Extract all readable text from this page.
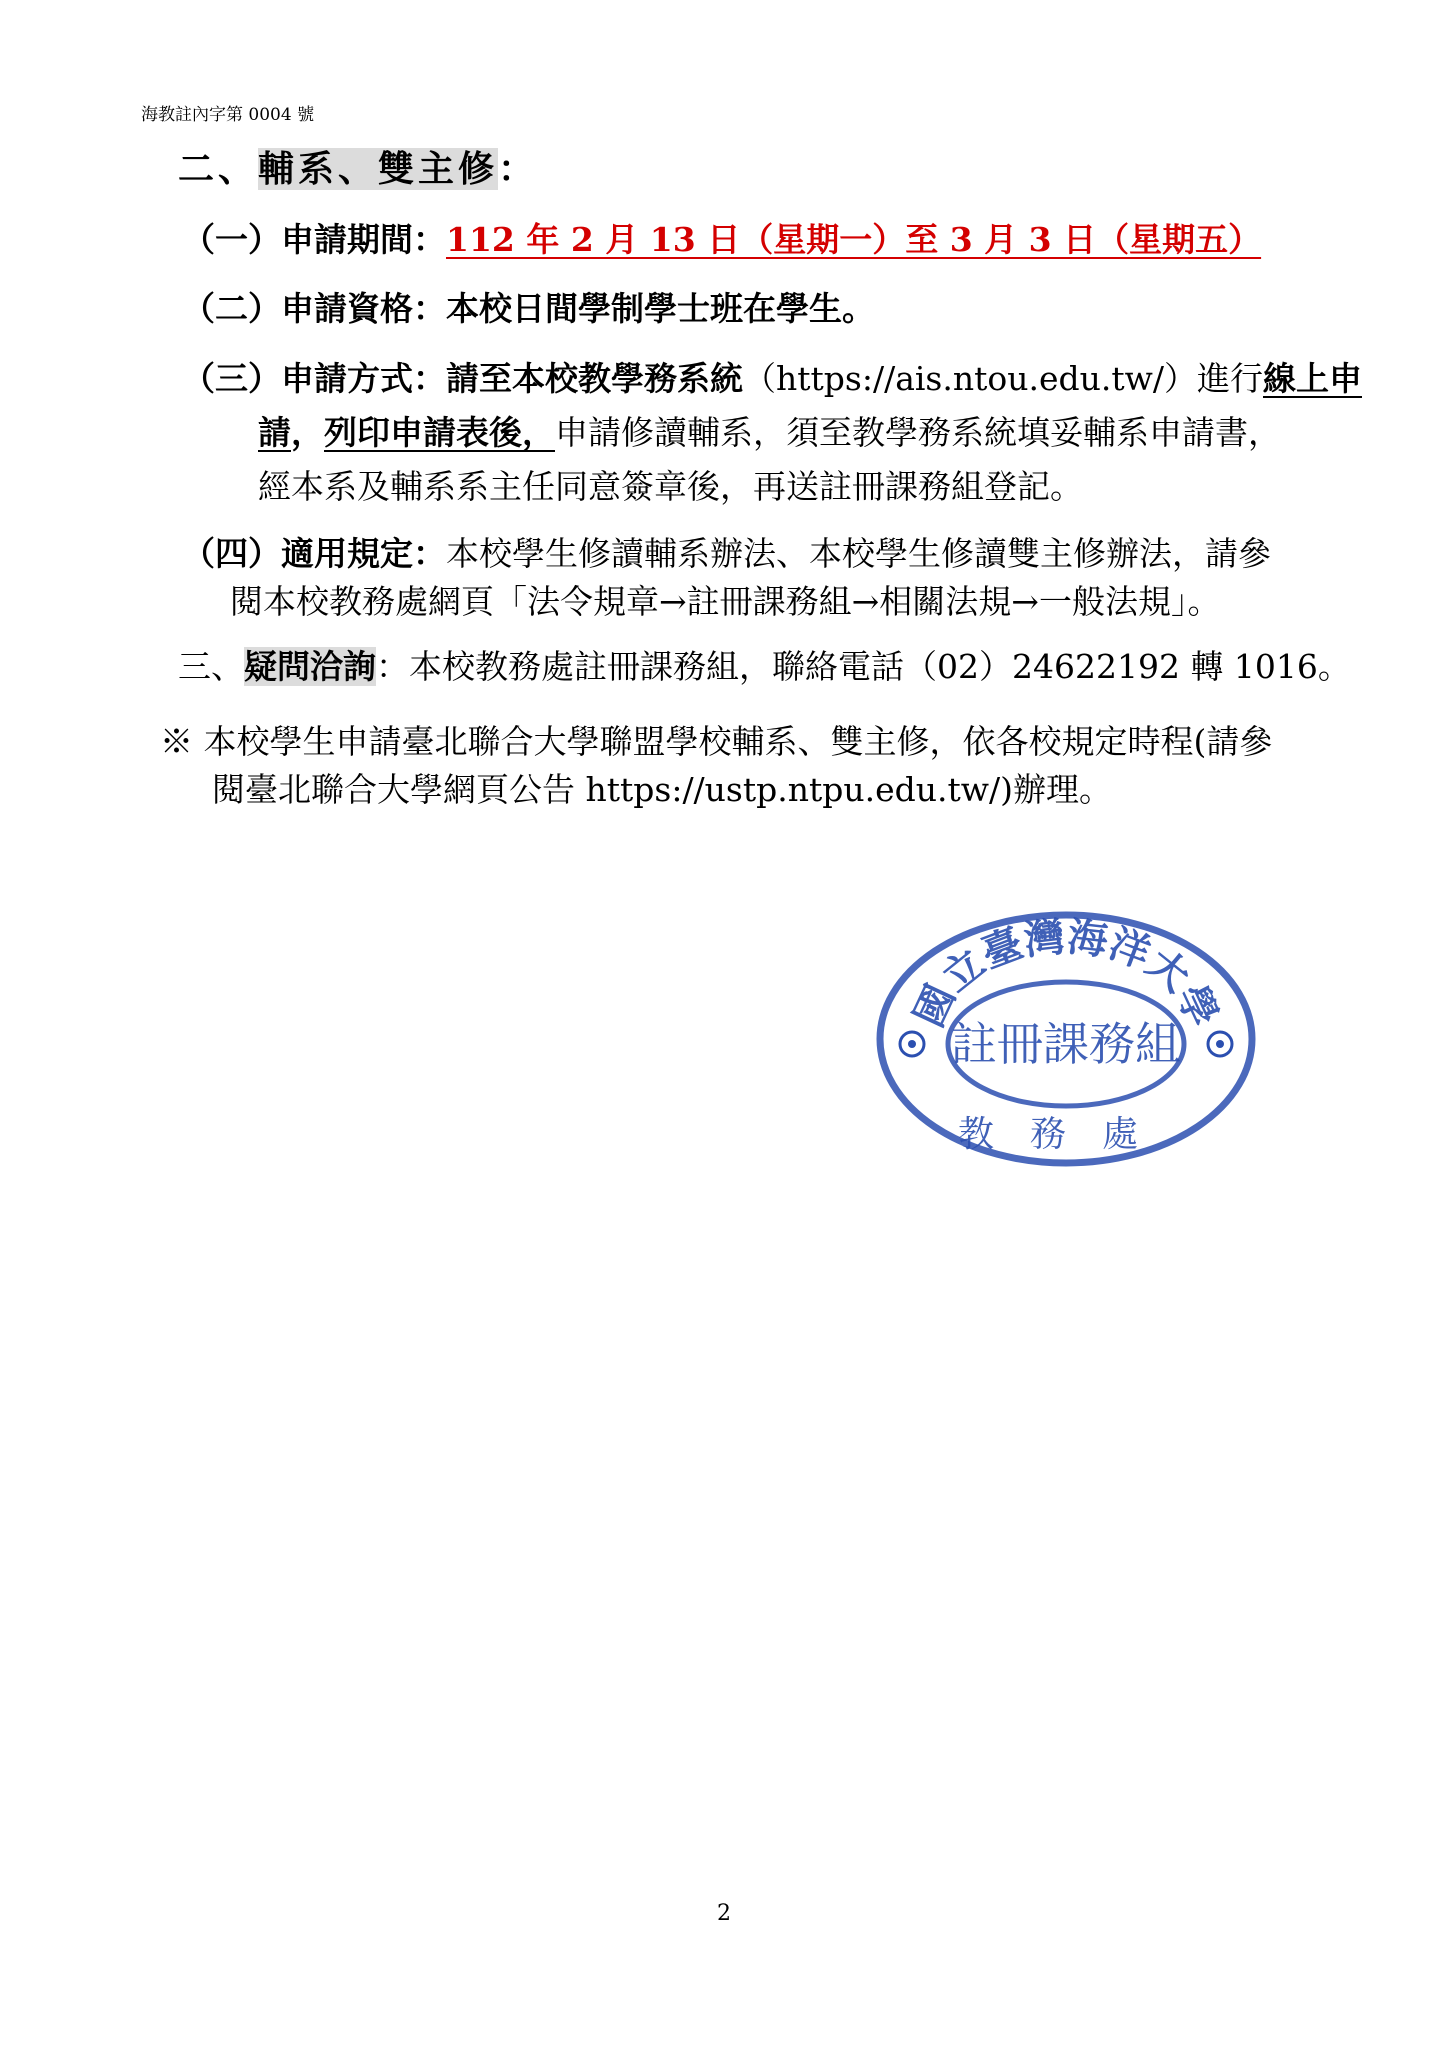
海教註內字第 0004 號
二、輔系、雙主修：
（一）申請期間：112 年 2 月 13 日（星期一）至 3 月 3 日（星期五）
（二）申請資格：本校日間學制學士班在學生。
（三）申請方式：請至本校教學務系統（https://ais.ntou.edu.tw/）進行線上申
請，列印申請表後，申請修讀輔系，須至教學務系統填妥輔系申請書，
經本系及輔系系主任同意簽章後，再送註冊課務組登記。
（四）適用規定：本校學生修讀輔系辦法、本校學生修讀雙主修辦法，請參
閱本校教務處網頁「法令規章→註冊課務組→相關法規→一般法規」。
三、疑問洽詢：本校教務處註冊課務組，聯絡電話（02）24622192 轉 1016。
※ 本校學生申請臺北聯合大學聯盟學校輔系、雙主修，依各校規定時程(請參
閱臺北聯合大學網頁公告 https://ustp.ntpu.edu.tw/)辦理。
國立臺灣海洋大學
註冊課務組
教務處
2
